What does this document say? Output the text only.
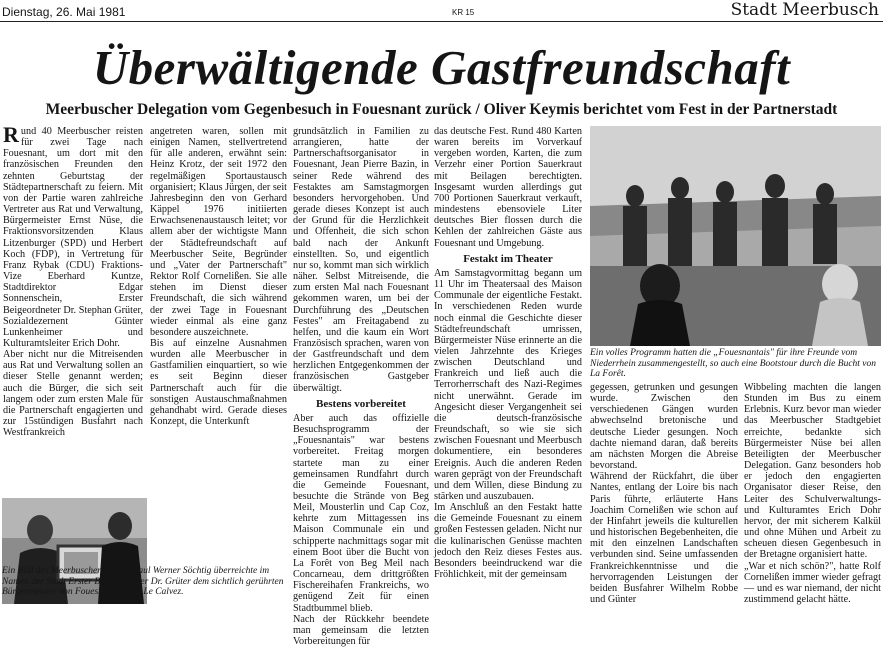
Dienstag, 26. Mai 1981	KR 15	Stadt Meerbusch
Überwältigende Gastfreundschaft
Meerbuscher Delegation vom Gegenbesuch in Fouesnant zurück / Oliver Keymis berichtet vom Fest in der Partnerstadt
R und 40 Meerbuscher reisten für zwei Tage nach Fouesnant, um dort mit den französischen Freunden den zehnten Geburtstag der Städtepartnerschaft zu feiern. Mit von der Partie waren zahlreiche Vertreter aus Rat und Verwaltung, Bürgermeister Ernst Nüse, die Fraktionsvorsitzenden Klaus Litzenburger (SPD) und Herbert Koch (FDP), in Vertretung für Franz Rybak (CDU) Fraktions-Vize Eberhard Kuntze, Stadtdirektor Edgar Sonnenschein, Erster Beigeordneter Dr. Stephan Grüter, Sozialdezernent Günter Lunkenheimer und Kulturamtsleiter Erich Dohr.
Aber nicht nur die Mitreisenden aus Rat und Verwaltung sollen an dieser Stelle genannt werden; auch die Bürger, die sich seit langem oder zum ersten Male für die Partnerschaft engagierten und zur 15stündigen Busfahrt nach Westfrankreich

angetreten waren, sollen mit einigen Namen, stellvertretend für alle anderen, erwähnt sein: Heinz Krotz, der seit 1972 den regelmäßigen Sportaustausch organisiert; Klaus Jürgen, der seit Jahresbeginn den von Gerhard Käppel 1976 initiierten Erwachsenenaustausch leitet; vor allem aber der wichtigste Mann der Städtefreundschaft auf Meerbuscher Seite, Begründer und „Vater der Partnerschaft" Rektor Rolf Cornelißen. Sie alle stehen im Dienst dieser Freundschaft, die sich während der zwei Tage in Fouesnant wieder einmal als eine ganz besondere auszeichnete.
Bis auf einzelne Ausnahmen wurden alle Meerbuscher in Gastfamilien einquartiert, so wie es seit Beginn dieser Partnerschaft auch für die sonstigen Austauschmaßnahmen gehandhabt wird. Gerade dieses Konzept, die Unterkunft

grundsätzlich in Familien zu arrangieren, hatte der Partnerschaftsorganisator in Fouesnant, Jean Pierre Bazin, in seiner Rede während des Festaktes am Samstagmorgen besonders hervorgehoben. Und gerade dieses Konzept ist auch der Grund für die Herzlichkeit und Offenheit, die sich schon bald nach der Ankunft einstellten. So, und eigentlich nur so, kommt man sich wirklich näher. Selbst Mitreisende, die zum ersten Mal nach Fouesnant gekommen waren, um bei der Durchführung des „Deutschen Festes" am Freitagabend zu helfen, und die kaum ein Wort Französisch sprachen, waren von der Gastfreundschaft und dem herzlichen Entgegenkommen der französischen Gastgeber überwältigt.

Bestens vorbereitet

Aber auch das offizielle Besuchsprogramm der „Fouesnantais" war bestens vorbereitet. Freitag morgen startete man zu einer gemeinsamen Rundfahrt durch die Gemeinde Fouesnant, besuchte die Strände von Beg Meil, Mousterlin und Cap Coz, kehrte zum Mittagessen ins Maison Communale ein und schipperte nachmittags sogar mit einem Boot über die Bucht von La Forêt von Beg Meil nach Concarneau, dem drittgrößten Fischereihafen Frankreichs, wo genügend Zeit für einen Stadtbummel blieb.
Nach der Rückkehr beendete man gemeinsam die letzten Vorbereitungen für

das deutsche Fest. Rund 480 Karten waren bereits im Vorverkauf vergeben worden, Karten, die zum Verzehr einer Portion Sauerkraut mit Beilagen berechtigten. Insgesamt wurden allerdings gut 700 Portionen Sauerkraut verkauft, mindestens ebensoviele Liter deutsches Bier flossen durch die Kehlen der zahlreichen Gäste aus Fouesnant und Umgebung.

Festakt im Theater

Am Samstagvormittag begann um 11 Uhr im Theatersaal des Maison Communale der eigentliche Festakt. In verschiedenen Reden wurde noch einmal die Geschichte dieser Städtefreundschaft umrissen, Bürgermeister Nüse erinnerte an die vielen Jahrzehnte des Krieges zwischen Deutschland und Frankreich und ließ auch die Terrorherrschaft des Nazi-Regimes nicht unerwähnt. Gerade im Angesicht dieser Vergangenheit sei die deutsch-französische Freundschaft, so wie sie sich zwischen Fouesnant und Meerbusch dokumentiere, ein besonderes Ereignis. Auch die anderen Reden waren geprägt von der Freundschaft und dem Willen, diese Bindung zu stärken und auszubauen.
Im Anschluß an den Festakt hatte die Gemeinde Fouesnant zu einem großen Festessen geladen. Nicht nur die kulinarischen Genüsse machten jedoch den Reiz dieses Festes aus. Besonders beeindruckend war die Fröhlichkeit, mit der gemeinsam

gegessen, getrunken und gesungen wurde. Zwischen den verschiedenen Gängen wurden abwechselnd bretonische und deutsche Lieder gesungen. Noch dachte niemand daran, daß bereits am nächsten Morgen die Abreise bevorstand.
Während der Rückfahrt, die über Nantes, entlang der Loire bis nach Paris führte, erläuterte Hans Joachim Cornelißen wie schon auf der Hinfahrt jeweils die kulturellen und historischen Begebenheiten, die mit den einzelnen Landschaften verbunden sind. Seine umfassenden Frankreichkenntnisse und die hervorragenden Leistungen der beiden Busfahrer Wilhelm Robbe und Günter

Wibbeling machten die langen Stunden im Bus zu einem Erlebnis. Kurz bevor man wieder das Meerbuscher Stadtgebiet erreichte, bedankte sich Bürgermeister Nüse bei allen Beteiligten der Meerbuscher Delegation. Ganz besonders hob er jedoch den engagierten Organisator dieser Reise, den Leiter des Schulverwaltungs- und Kulturamtes Erich Dohr hervor, der mit sicherem Kalkül und ohne Mühen und Arbeit zu scheuen diesen Gegenbesuch in der Bretagne organisiert hatte.
„War et nich schön?", hatte Rolf Cornelißen immer wieder gefragt — und es war niemand, der nicht zustimmend gelacht hätte.

Ein Bild des Meerbuscher Malers Paul Werner Söchtig überreichte im Namen der Stadt Erster Beigeordneter Dr. Grüter dem sichtlich gerührten Bürgermeister von Fouesnant, Louis Le Calvez.
Ein volles Programm hatten die „Fouesnantais" für ihre Freunde vom Niederrhein zusammengestellt, so auch eine Bootstour durch die Bucht von La Forêt.
